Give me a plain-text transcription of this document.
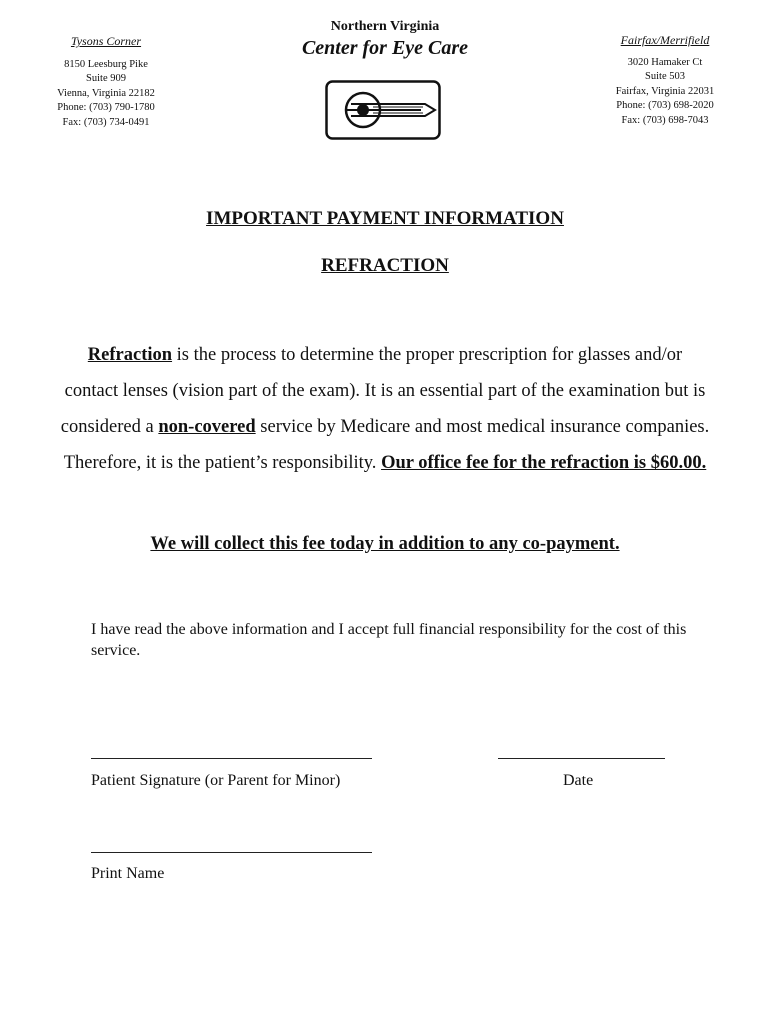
Tysons Corner
8150 Leesburg Pike
Suite 909
Vienna, Virginia 22182
Phone: (703) 790-1780
Fax: (703) 734-0491
Northern Virginia
Center for Eye Care	Fairfax/Merrifield
3020 Hamaker Ct
Suite 503
Fairfax, Virginia 22031
Phone: (703) 698-2020
Fax: (703) 698-7043
IMPORTANT PAYMENT INFORMATION
REFRACTION
Refraction is the process to determine the proper prescription for glasses and/or contact lenses (vision part of the exam). It is an essential part of the examination but is considered a non-covered service by Medicare and most medical insurance companies. Therefore, it is the patient’s responsibility. Our office fee for the refraction is $60.00.
We will collect this fee today in addition to any co-payment.
I have read the above information and I accept full financial responsibility for the cost of this service.
Patient Signature (or Parent for Minor)	Date
Print Name
